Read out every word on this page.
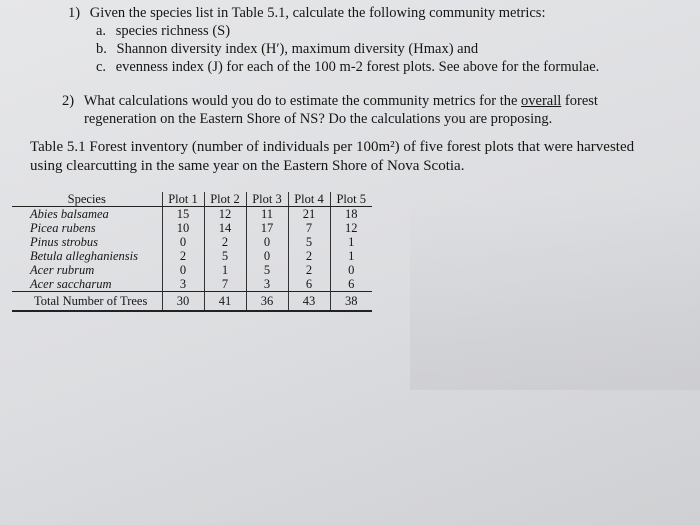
1) Given the species list in Table 5.1, calculate the following community metrics:
a. species richness (S)
b. Shannon diversity index (H′), maximum diversity (Hmax) and
c. evenness index (J) for each of the 100 m-2 forest plots. See above for the formulae.
2) What calculations would you do to estimate the community metrics for the overall forest
regeneration on the Eastern Shore of NS? Do the calculations you are proposing.
Table 5.1 Forest inventory (number of individuals per 100m²) of five forest plots that were harvested
using clearcutting in the same year on the Eastern Shore of Nova Scotia.
Species	Plot 1	Plot 2	Plot 3	Plot 4	Plot 5
Abies balsamea	15	12	11	21	18
Picea rubens	10	14	17	7	12
Pinus strobus	0	2	0	5	1
Betula alleghaniensis	2	5	0	2	1
Acer rubrum	0	1	5	2	0
Acer saccharum	3	7	3	6	6
Total Number of Trees	30	41	36	43	38
